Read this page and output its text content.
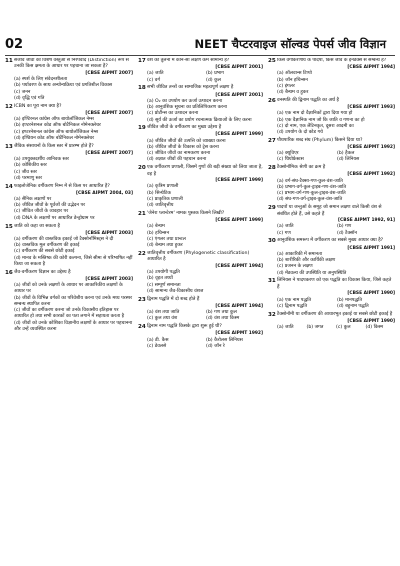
02	NEET चैप्टरवाइज सॉल्वड पेपर्स जीव विज्ञान
11 सजीव जीवों की विशेष वस्तुओं से निरपवाद (Distinction) रूप से उनकी किस क्षमता के आधार पर पहचाना जा सकता है?
[CBSE AIPMT 2007]
(a) स्पर्श के लिए संवेदनशीलता
(b) पर्यावरण के साथ अन्योन्यक्रिया एवं प्रगतिशील विकास
(c) जनन
(d) वृद्धि एवं गति
12 ICBN का पूरा नाम क्या है?
[CBSE AIPMT 2007]
(a) इण्टिरनल कांग्रेस ऑफ बायोलॉजिकल नेम्स
(b) इण्टरनेशनल कोड ऑफ बोटैनिकल नोमेनक्लेचर
(c) इण्टरनेशनल कांग्रेस ऑफ बायोलॉजिकल नेम्स
(d) इण्डियन कोड ऑफ बोटैनिकल नोमेनक्लेचर
13 जैविक संसाधनों के किस स्तर में प्रारम्भ होते हैं?
[CBSE AIPMT 2007]
(a) उपयुक्तदर्शीय आनिवक स्तर
(b) कोशिकीय स्तर
(c) जीव स्तर
(d) परमाणु स्तर
14 फाइलोजेनिक वर्गीकरण निम्न में से किस पर आधारित है?
[CBSE AIPMT 2004, 03]
(a) सैनिक लक्षणों पर
(b) जीवित जीवों के पूर्वजों की उद्भेदन पर
(c) जीवित जीवों के व्यवहार पर
(d) DNA के लक्षणों पर आधारित डेन्ड्रोग्राम पर
15 जाति को कहा जा सकता है
[CBSE AIPMT 2003]
(a) वर्गीकरण की वास्तविक इकाई जो टैक्सोनॉमिस्ट्स ने दी
(b) वास्तविक मूल वर्गीकरण की इकाई
(c) वर्गीकरण की सबसे छोटी इकाई
(d) मानव के मस्तिष्क की कोरी कल्पना, जिसे सीमा से परिभाषित नहीं किया जा सकता है
16 जैव-वर्गीकरण विज्ञान का उद्देश्य है
[CBSE AIPMT 2003]
(a) जीवों को उनके लक्षणों के आधार पर आकारिकीय लक्षणों के आधार पर
(b) जीवों के विभिन्न वर्गकों का परिवेशीय करना एवं उनके मध्य परस्पर सम्बन्ध स्थापित करना
(c) जीवों का वर्गीकरण करना जो उनके विकासीय इतिहास पर आधारित हो तथा सभी कारकों का पता लगाने में सहायता करता है
(d) जीवों को उनके कोशिका विज्ञानीय लक्षणों के आधार पर पहचानना और उन्हें व्यवस्थित करना
17 वंश की तुलना में कौन-सा लक्षण कम सामान्य है?
[CBSE AIPMT 2001]
(a) जाति	(b) प्रभाग
(c) वर्ग	(d) कुल
18 सभी जीवित तन्त्रों का सामाजिक महत्वपूर्ण लक्षण है
[CBSE AIPMT 2001]
(a) O₂ का उपयोग कर ऊर्जा उत्पादन करना
(b) आनुवंशिक सूचना का प्रतिलिपिकरण करना
(c) प्रोटीन्स का उत्पादन करना
(d) सूर्य की ऊर्जा का प्रयोग रचनात्मक क्रियाओं के लिए करना
19 जीवित जीवों के वर्गीकरण का मुख्य उद्देश्य है
[CBSE AIPMT 1999]
(a) जीवित जीवों की उत्पत्ति को व्याख्या करना
(b) जीवित जीवों के विकास को ट्रेस करना
(c) जीवित जीवों का नामकरण करना
(d) अज्ञात जीवों की पहचान करना
20 एक वर्गीकरण प्रणाली, जिसमें गुणों की बड़ी संख्या को लिया जाता है, वह है
[CBSE AIPMT 1999]
(a) कृत्रिम प्रणाली
(b) सिन्थेटिक
(c) प्राकृतिक प्रणाली
(d) जातिवृत्तीय
21 'जेनेरा प्लान्टेरम' नामक पुस्तक किसने लिखी?
[CBSE AIPMT 1999]
(a) बेन्थम
(b) हचिन्सन
(c) एंगलर तथा प्रान्टल
(d) बेन्थम तथा हुकर
22 जातिवृत्तीय वर्गीकरण (Phylogenetic classification) आधारित है
[CBSE AIPMT 1994]
(a) उपयोगी पद्धति
(b) वृहत तथ्यों
(c) सम्पूर्ण समानता
(d) सामान्य जैव-विकासीय वंशज
23 द्विनाम पद्धति में दो शब्द होते हैं
[CBSE AIPMT 1994]
(a) वंश तथा जाति	(b) गण तथा कुल
(c) कुल तथा वंश	(d) वंश तथा किस्म
24 द्विनाम नाम पद्धति किसके द्वारा शुरू हुई थी?
[CBSE AIPMT 1992]
(a) डी. कैस	(b) कैरोलस लिनियस
(c) डेवलसे	(d) जॉन रे
25 किस वर्गीकरणीय के पादपों, किस जीव के इनडेक्स से सम्बन्ध है?
[CBSE AIPMT 1994]
(a) ऑलवान्स टिप्पो
(b) जॉन हचिन्सन
(c) इंगलर
(d) बैन्थम व हुकर
26 वनस्पति की द्विनाम पद्धति का अर्थ है
[CBSE AIPMT 1993]
(a) एक नाम दो वैज्ञानिकों द्वारा दिया गया हो
(b) एक वैज्ञानिक नाम जो कि जाति व गणना का हो
(c) दो नाम, एक लैटिनकृत, दूसरा आदमी का
(d) उपयोग के दो कोड गये
27 पौधपारिक शब्द संघ (Phylum) किसने दिया था?
[CBSE AIPMT 1992]
(a) क्यूविएर	(b) हैकल
(c) थियोफ्रेस्टस	(d) लिनियस
28 टैक्सोनॉमिक श्रेणी का क्रम है
[CBSE AIPMT 1992]
(a) वर्ग-संघ-टैक्सा-गण-कुल-वंश-जाति
(b) प्रभाग-वर्ग-कुल-ट्राइब-गण-वंश-जाति
(c) प्रभाग-वर्ग-गण-कुल-ट्राइब-वंश-जाति
(d) संघ-गण-वर्ग-ट्राइब-कुल-वंश-जाति
29 पादपों या जन्तुओं के समूह जो समान लक्षण वाले किसी वंश से संबंधित होते हैं, उसे कहते हैं
[CBSE AIPMT 1992, 91]
(a) जाति	(b) गण
(c) गण	(d) टैक्सॉन
30 आनुवंशिक समरूप में वर्गीकरण का सबसे मुख्य आधार क्या है?
[CBSE AIPMT 1991]
(a) आकारिकी में समानता
(b) शारीरिकी और कार्यिकी लक्षण
(c) प्रजनन के लक्षण
(d) मेंडवल्य की उपस्थिति या अनुपस्थिति
31 लिनियस ने पादपकरण को एक पद्धति का विकास किया, जिसे कहते हैं
[CBSE AIPMT 1990]
(a) एक नाम पद्धति	(b) मानपद्धति
(c) द्विनाम पद्धति	(d) बहुनाम पद्धति
32 टैक्सोनॉमी या वर्गीकरण की आधारभूत इकाई या सबसे छोटी इकाई है
[CBSE AIPMT 1990]
(a) जाति	(b) जगत	(c) कुल	(d) किस्म
